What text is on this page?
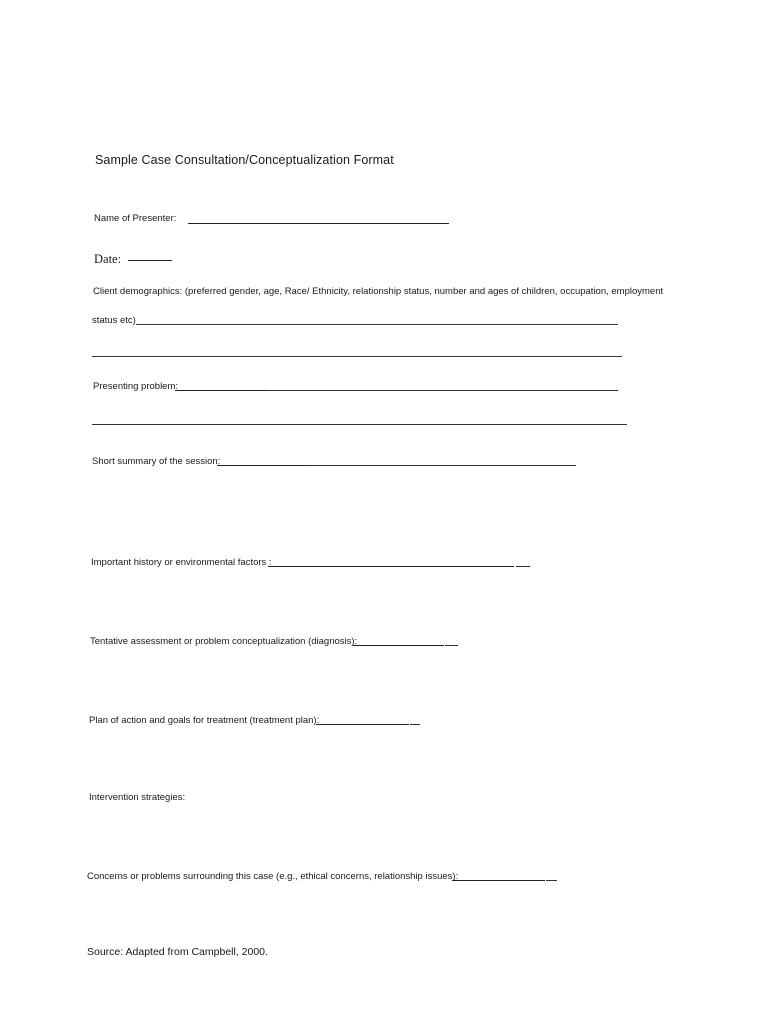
Sample Case Consultation/Conceptualization Format
Name of Presenter:
Date:
Client demographics: (preferred gender, age, Race/ Ethnicity, relationship status, number and ages of children, occupation, employment
status etc)
Presenting problem:
Short summary of the session:
Important history or environmental factors :
Tentative assessment or problem conceptualization (diagnosis):
Plan of action and goals for treatment (treatment plan):
Intervention strategies:
Concerns or problems surrounding this case (e.g., ethical concerns, relationship issues):
Source: Adapted from Campbell, 2000.
